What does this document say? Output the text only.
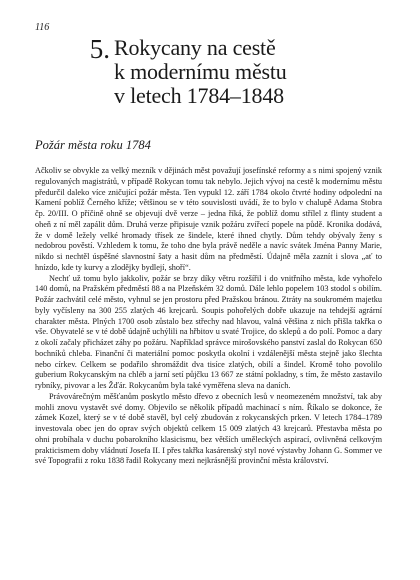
116
5. Rokycany na cestě
k modernímu městu
v letech 1784–1848
Požár města roku 1784

Ačkoliv se obvykle za velký mezník v dějinách měst považují josefínské reformy a s nimi spojený vznik regulovaných magistrátů, v případě Rokycan tomu tak nebylo. Jejich vývoj na cestě k modernímu městu předurčil daleko více zničující požár města. Ten vypukl 12. září 1784 okolo čtvrté hodiny odpolední na Kamení poblíž Černého kříže; většinou se v této souvislosti uvádí, že to bylo v chalupě Adama Stobra čp. 20/III. O příčině ohně se objevují dvě verze – jedna říká, že poblíž domu střílel z flinty student a oheň z ní měl zapálit dům. Druhá verze připisuje vznik požáru zvířecí popele na půdě. Kronika dodává, že v domě ležely velké hromady třísek ze šindele, které ihned chytly. Dům tehdy obývaly ženy s nedobrou pověstí. Vzhledem k tomu, že toho dne byla právě neděle a navíc svátek Jména Panny Marie, nikdo si nechtěl úspěšné slavnostní šaty a hasit dům na předměstí. Údajně měla zaznít i slova „ať to hnízdo, kde ty kurvy a zlodějky bydlejí, shoří“.

Nechť už tomu bylo jakkoliv, požár se brzy díky větru rozšířil i do vnitřního města, kde vyhořelo 140 domů, na Pražském předměstí 88 a na Plzeňském 32 domů. Dále lehlo popelem 103 stodol s obilím. Požár zachvátil celé město, vyhnul se jen prostoru před Pražskou bránou. Ztráty na soukromém majetku byly vyčísleny na 300 255 zlatých 46 krejcarů. Soupis pohořelých dobře ukazuje na tehdejší agrární charakter města. Plných 1700 osob zůstalo bez střechy nad hlavou, valná většina z nich přišla takřka o vše. Obyvatelé se v té době údajně uchýlili na hřbitov u svaté Trojice, do sklepů a do polí. Pomoc a dary z okolí začaly přicházet záhy po požáru. Například správce mirošovského panství zaslal do Rokycan 650 bochníků chleba. Finanční či materiální pomoc poskytla okolní i vzdálenější města stejně jako šlechta nebo církev. Celkem se podařilo shromáždit dva tisíce zlatých, obilí a šindel. Kromě toho povolilo guberium Rokycanským na chléb a jarní setí půjčku 13 667 ze státní pokladny, s tím, že město zastavilo rybníky, pivovar a les Žďár. Rokycanům byla také vyměřena sleva na daních.

Právovárečným měšťanům poskytlo město dřevo z obecních lesů v neomezeném množství, tak aby mohli znovu vystavět své domy. Objevilo se několik případů machinací s ním. Říkalo se dokonce, že zámek Kozel, který se v té době stavěl, byl celý zbudován z rokycanských prken. V letech 1784–1789 investovala obec jen do oprav svých objektů celkem 15 009 zlatých 43 krejcarů. Přestavba města po ohni probíhala v duchu pobarokního klasicismu, bez větších uměleckých aspirací, ovlivněná celkovým prakticismem doby vládnutí Josefa II. I přes takřka kasárenský styl nové výstavby Johann G. Sommer ve své Topografii z roku 1838 řadil Rokycany mezi nejkrásnější provinční města království.
